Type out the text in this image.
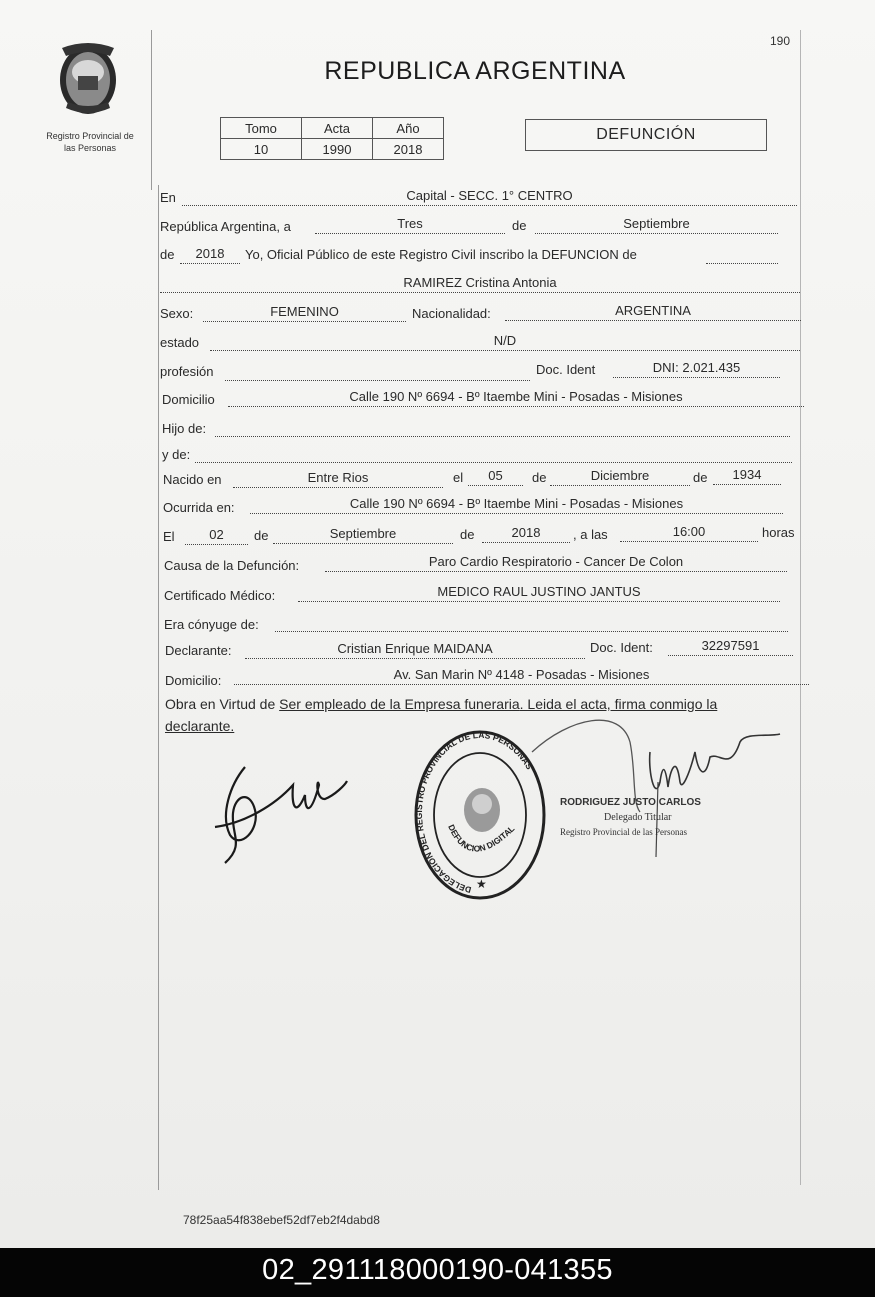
Registro Provincial de
las Personas
190
REPUBLICA ARGENTINA
Tomo	Acta	Año
10	1990	2018
DEFUNCIÓN
En	Capital - SECC. 1° CENTRO
República Argentina, a	Tres	de	Septiembre
de	2018	Yo, Oficial Público de este Registro Civil inscribo la DEFUNCION de
RAMIREZ Cristina Antonia
Sexo:	FEMENINO	Nacionalidad:	ARGENTINA
estado	N/D
profesión	Doc. Ident	DNI: 2.021.435
Domicilio	Calle 190 Nº 6694 - Bº Itaembe Mini - Posadas - Misiones
Hijo de:
y de:
Nacido en	Entre Rios	el	05	de	Diciembre	de	1934
Ocurrida en:	Calle 190 Nº 6694 - Bº Itaembe Mini - Posadas - Misiones
El	02	de	Septiembre	de	2018	, a las	16:00	horas
Causa de la Defunción:	Paro Cardio Respiratorio - Cancer De Colon
Certificado Médico:	MEDICO RAUL JUSTINO JANTUS
Era cónyuge de:
Declarante:	Cristian Enrique MAIDANA	Doc. Ident:	32297591
Domicilio:	Av. San Marin Nº 4148 - Posadas - Misiones
Obra en Virtud de Ser empleado de la Empresa funeraria. Leida el acta, firma conmigo la
declarante.
DELEGACION DEL REGISTRO PROVINCIAL DE LAS PERSONAS
DEFUNCION DIGITAL
★
RODRIGUEZ JUSTO CARLOS
Delegado Titular
Registro Provincial de las Personas
78f25aa54f838ebef52df7eb2f4dabd8
02_291118000190-041355
